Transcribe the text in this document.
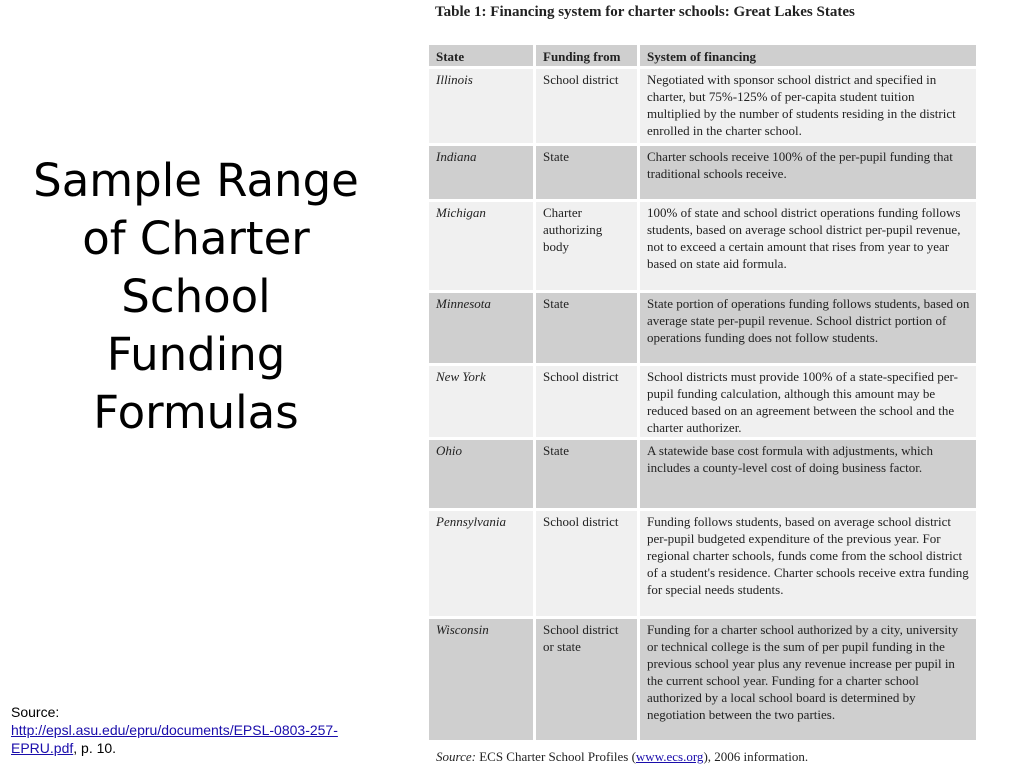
Sample Range
of Charter
School
Funding
Formulas
Source:
http://epsl.asu.edu/epru/documents/EPSL-0803-257-EPRU.pdf, p. 10.
Table 1: Financing system for charter schools: Great Lakes States
State	Funding from	System of financing
Illinois	School district	Negotiated with sponsor school district and specified in charter, but 75%-125% of per-capita student tuition multiplied by the number of students residing in the district enrolled in the charter school.
Indiana	State	Charter schools receive 100% of the per-pupil funding that traditional schools receive.
Michigan	Charter authorizing body	100% of state and school district operations funding follows students, based on average school district per-pupil revenue, not to exceed a certain amount that rises from year to year based on state aid formula.
Minnesota	State	State portion of operations funding follows students, based on average state per-pupil revenue. School district portion of operations funding does not follow students.
New York	School district	School districts must provide 100% of a state-specified per-pupil funding calculation, although this amount may be reduced based on an agreement between the school and the charter authorizer.
Ohio	State	A statewide base cost formula with adjustments, which includes a county-level cost of doing business factor.
Pennsylvania	School district	Funding follows students, based on average school district per-pupil budgeted expenditure of the previous year. For regional charter schools, funds come from the school district of a student's residence. Charter schools receive extra funding for special needs students.
Wisconsin	School district or state	Funding for a charter school authorized by a city, university or technical college is the sum of per pupil funding in the previous school year plus any revenue increase per pupil in the current school year. Funding for a charter school authorized by a local school board is determined by negotiation between the two parties.
Source: ECS Charter School Profiles (www.ecs.org), 2006 information.
